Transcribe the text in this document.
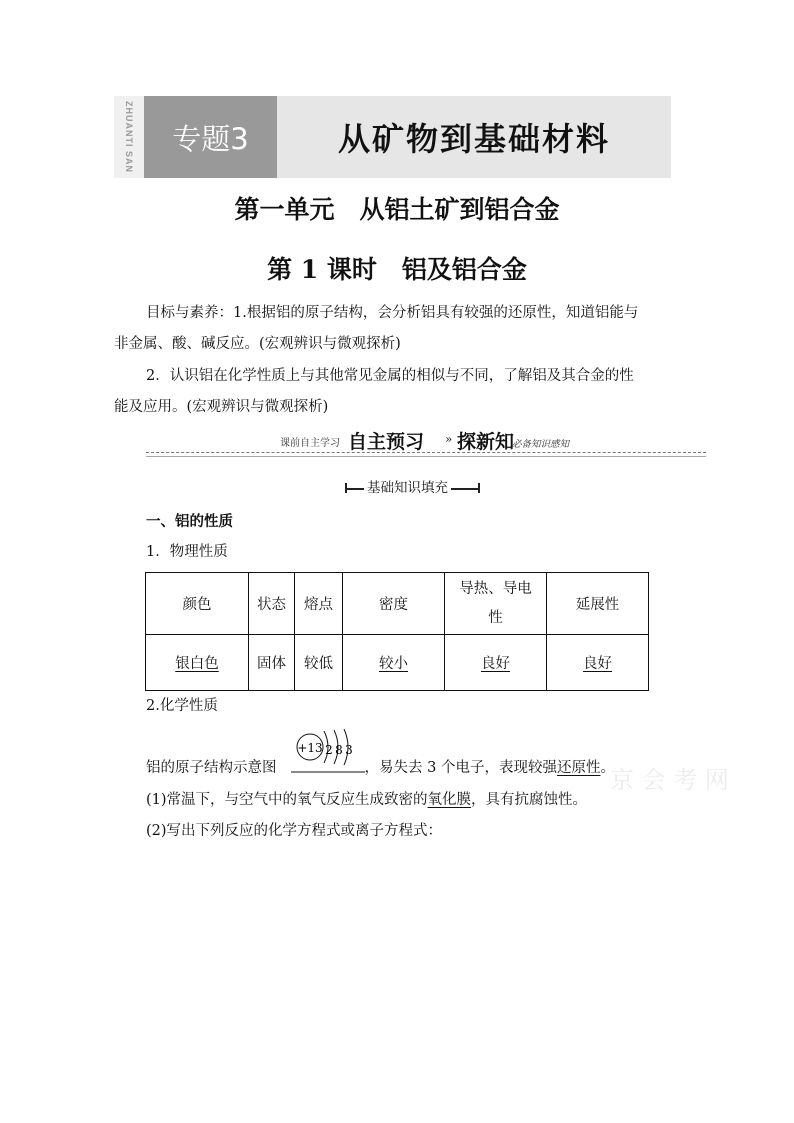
ZHUANTI SAN 专题3	从矿物到基础材料
第一单元　从铝土矿到铝合金
第 1 课时　铝及铝合金
目标与素养：1.根据铝的原子结构，会分析铝具有较强的还原性，知道铝能与
非金属、酸、碱反应。(宏观辨识与微观探析)
2．认识铝在化学性质上与其他常见金属的相似与不同，了解铝及其合金的性
能及应用。(宏观辨识与微观探析)
课前自主学习 自主预习 » 探新知
必备知识感知
基础知识填充
一、铝的性质
1．物理性质
颜色	状态	熔点	密度	导热、导电性	延展性
银白色	固体	较低	较小	良好	良好
2.化学性质
+13 2 8 3
铝的原子结构示意图	，易失去 3 个电子，表现较强还原性。
(1)常温下，与空气中的氧气反应生成致密的氧化膜，具有抗腐蚀性。
(2)写出下列反应的化学方程式或离子方程式：
京 会 考 网
